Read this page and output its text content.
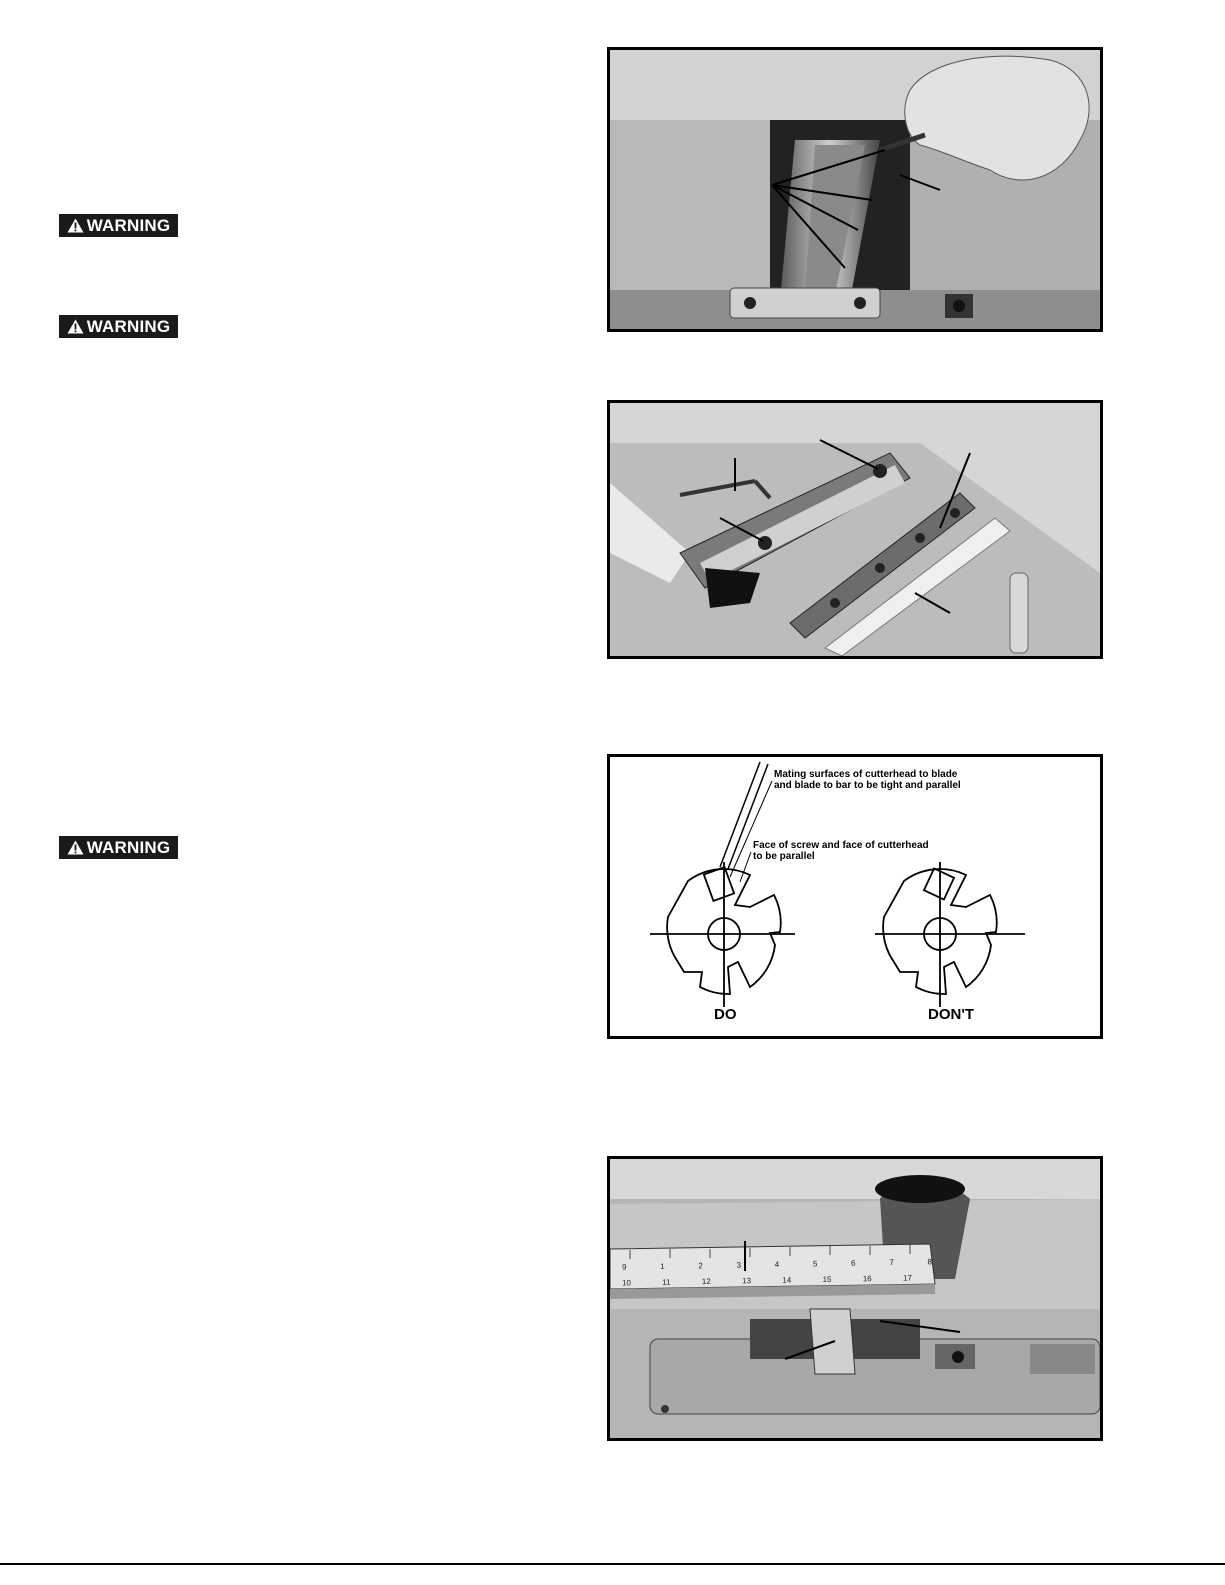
WARNING
WARNING
WARNING
Mating surfaces of cutterhead to blade
and blade to bar to be tight and parallel
Face of screw and face of cutterhead
to be parallel
DO	DON'T
9	1	2	3	4	5	6	7	8
10	11	12	13	14	15	16	17
